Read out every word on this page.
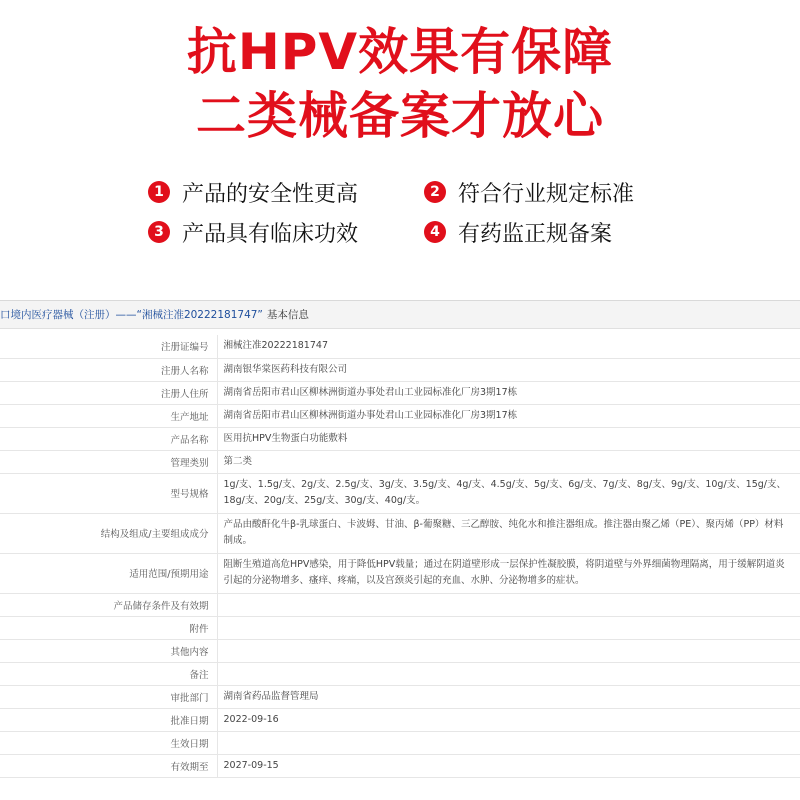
抗HPV效果有保障
二类械备案才放心
1 产品的安全性更高	2 符合行业规定标准
3 产品具有临床功效	4 有药监正规备案
口境内医疗器械（注册）—— “湘械注准20222181747” 基本信息
注册证编号	湘械注准20222181747
注册人名称	湖南银华棠医药科技有限公司
注册人住所	湖南省岳阳市君山区柳林洲街道办事处君山工业园标准化厂房3期17栋
生产地址	湖南省岳阳市君山区柳林洲街道办事处君山工业园标准化厂房3期17栋
产品名称	医用抗HPV生物蛋白功能敷料
管理类别	第二类
型号规格	1g/支、1.5g/支、2g/支、2.5g/支、3g/支、3.5g/支、4g/支、4.5g/支、5g/支、6g/支、7g/支、8g/支、9g/支、10g/支、15g/支、18g/支、20g/支、25g/支、30g/支、40g/支。
结构及组成/主要组成成分	产品由酸酐化牛β-乳球蛋白、卡波姆、甘油、β-葡聚糖、三乙醇胺、纯化水和推注器组成。推注器由聚乙烯（PE）、聚丙烯（PP）材料制成。
适用范围/预期用途	阻断生殖道高危HPV感染，用于降低HPV载量；通过在阴道壁形成一层保护性凝胶膜，将阴道壁与外界细菌物理隔离，用于缓解阴道炎引起的分泌物增多、瘙痒、疼痛，以及宫颈炎引起的充血、水肿、分泌物增多的症状。
产品储存条件及有效期	
附件	
其他内容	
备注	
审批部门	湖南省药品监督管理局
批准日期	2022-09-16
生效日期	
有效期至	2027-09-15
